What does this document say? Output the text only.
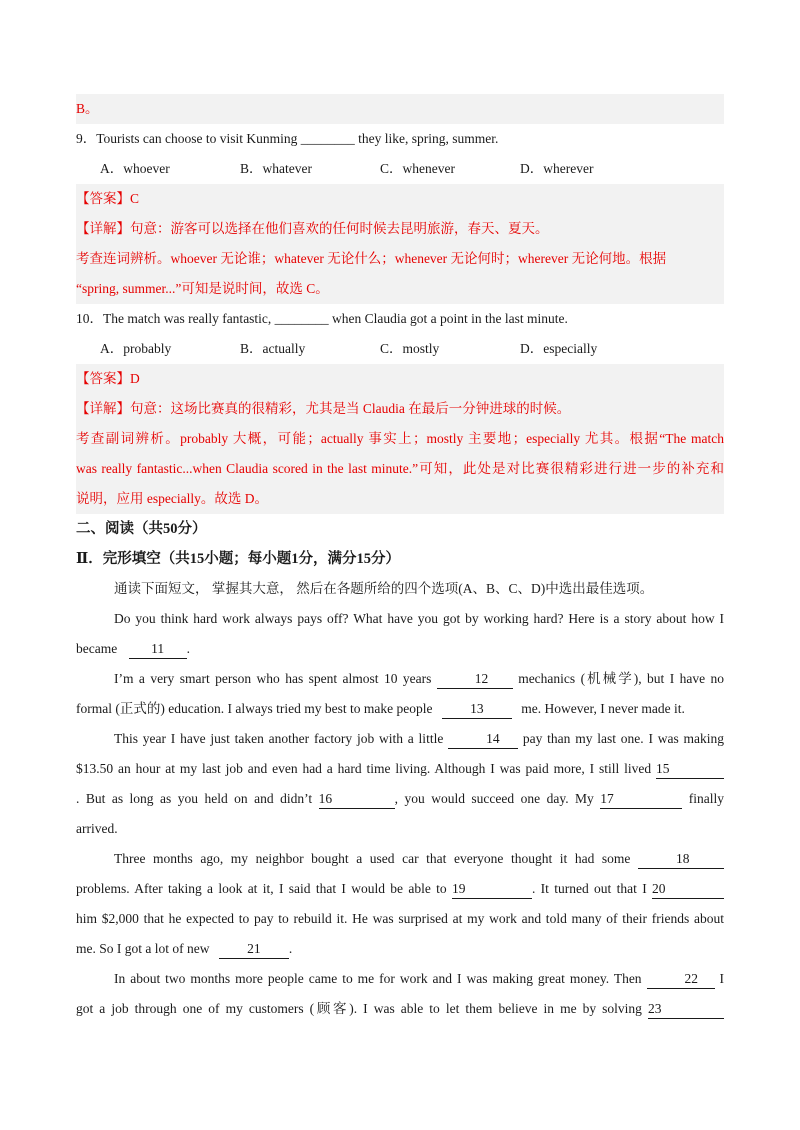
B。
9．Tourists can choose to visit Kunming ________ they like, spring, summer.
A．whoever	B．whatever	C．whenever	D．wherever
【答案】C
【详解】句意：游客可以选择在他们喜欢的任何时候去昆明旅游，春天、夏天。
考查连词辨析。whoever 无论谁；whatever 无论什么；whenever 无论何时；wherever 无论何地。根据
“spring, summer...”可知是说时间，故选 C。
10．The match was really fantastic, ________ when Claudia got a point in the last minute.
A．probably	B．actually	C．mostly	D．especially
【答案】D
【详解】句意：这场比赛真的很精彩，尤其是当 Claudia 在最后一分钟进球的时候。
考查副词辨析。probably 大概，可能；actually 事实上；mostly 主要地；especially 尤其。根据“The match
was really fantastic...when Claudia scored in the last minute.”可知，此处是对比赛很精彩进行进一步的补充和
说明，应用 especially。故选 D。
二、阅读（共50分）
Ⅱ．完形填空（共15小题；每小题1分，满分15分）
通读下面短文， 掌握其大意， 然后在各题所给的四个选项(A、B、C、D)中选出最佳选项。
Do you think hard work always pays off? What have you got by working hard? Here is a story about how I
became	11 .
I’m a very smart person who has spent almost 10 years	12 mechanics (机械学), but I have no
formal (正式的) education. I always tried my best to make people	13	me. However, I never made it.
This year I have just taken another factory job with a little	14 pay than my last one. I was making
$13.50 an hour at my last job and even had a hard time living. Although I was paid more, I still lived 15
. But as long as you held on and didn’t 16	, you would succeed one day. My 17	finally
arrived.
Three months ago, my neighbor bought a used car that everyone thought it had some	18
problems. After taking a look at it, I said that I would be able to 19	. It turned out that I 20
him $2,000 that he expected to pay to rebuild it. He was surprised at my work and told many of their friends about
me. So I got a lot of new	21 .
In about two months more people came to me for work and I was making great money. Then	22 I
got a job through one of my customers (顾客). I was able to let them believe in me by solving 23
